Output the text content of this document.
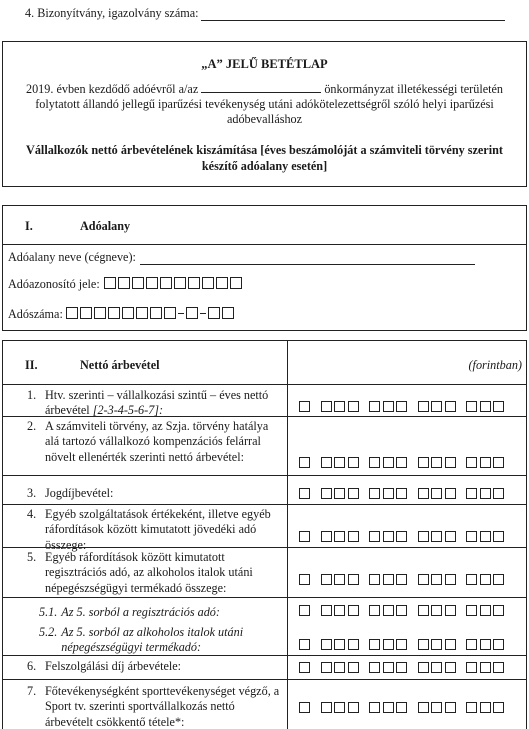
4. Bizonyítvány, igazolvány száma:
„A” JELŰ BETÉTLAP
2019. évben kezdődő adóévről a/az	önkormányzat illetékességi területén folytatott állandó jellegű iparűzési tevékenység utáni adókötelezettségről szóló helyi iparűzési adóbevalláshoz
Vállalkozók nettó árbevételének kiszámítása [éves beszámolóját a számviteli törvény szerint készítő adóalany esetén]
I.	Adóalany
Adóalany neve (cégneve):
Adóazonosító jele:
Adószáma:
II.	Nettó árbevétel	(forintban)
1. Htv. szerinti – vállalkozási szintű – éves nettó árbevétel [2-3-4-5-6-7]:
2. A számviteli törvény, az Szja. törvény hatálya alá tartozó vállalkozó kompenzációs felárral növelt ellenérték szerinti nettó árbevétel:
3. Jogdíjbevétel:
4. Egyéb szolgáltatások értékeként, illetve egyéb ráfordítások között kimutatott jövedéki adó összege:
5. Egyéb ráfordítások között kimutatott regisztrációs adó, az alkoholos italok utáni népegészségügyi termékadó összege:
5.1. Az 5. sorból a regisztrációs adó:
5.2. Az 5. sorból az alkoholos italok utáni népegészségügyi termékadó:
6. Felszolgálási díj árbevétele:
7. Főtevékenységként sporttevékenységet végző, a Sport tv. szerinti sportvállalkozás nettó árbevételt csökkentő tétele*:
